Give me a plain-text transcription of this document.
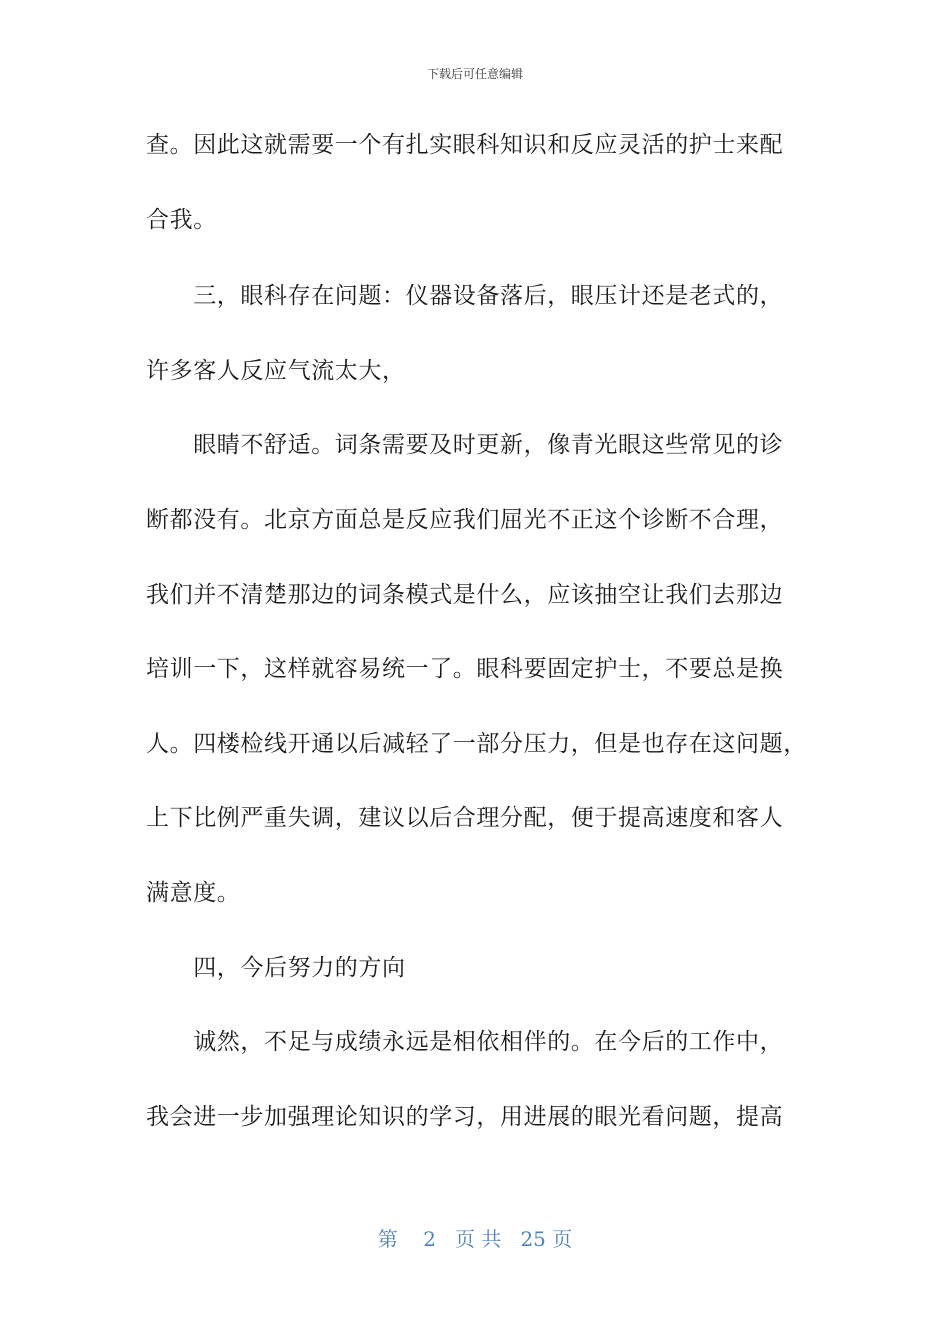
下载后可任意编辑
查。因此这就需要一个有扎实眼科知识和反应灵活的护士来配
合我。
　　三，眼科存在问题：仪器设备落后，眼压计还是老式的，
许多客人反应气流太大，
　　眼睛不舒适。词条需要及时更新，像青光眼这些常见的诊
断都没有。北京方面总是反应我们屈光不正这个诊断不合理，
我们并不清楚那边的词条模式是什么，应该抽空让我们去那边
培训一下，这样就容易统一了。眼科要固定护士，不要总是换
人。四楼检线开通以后减轻了一部分压力，但是也存在这问题，
上下比例严重失调，建议以后合理分配，便于提高速度和客人
满意度。
　　四，今后努力的方向
　　诚然，不足与成绩永远是相依相伴的。在今后的工作中，
我会进一步加强理论知识的学习，用进展的眼光看问题，提高
第 2 页 共 25 页
